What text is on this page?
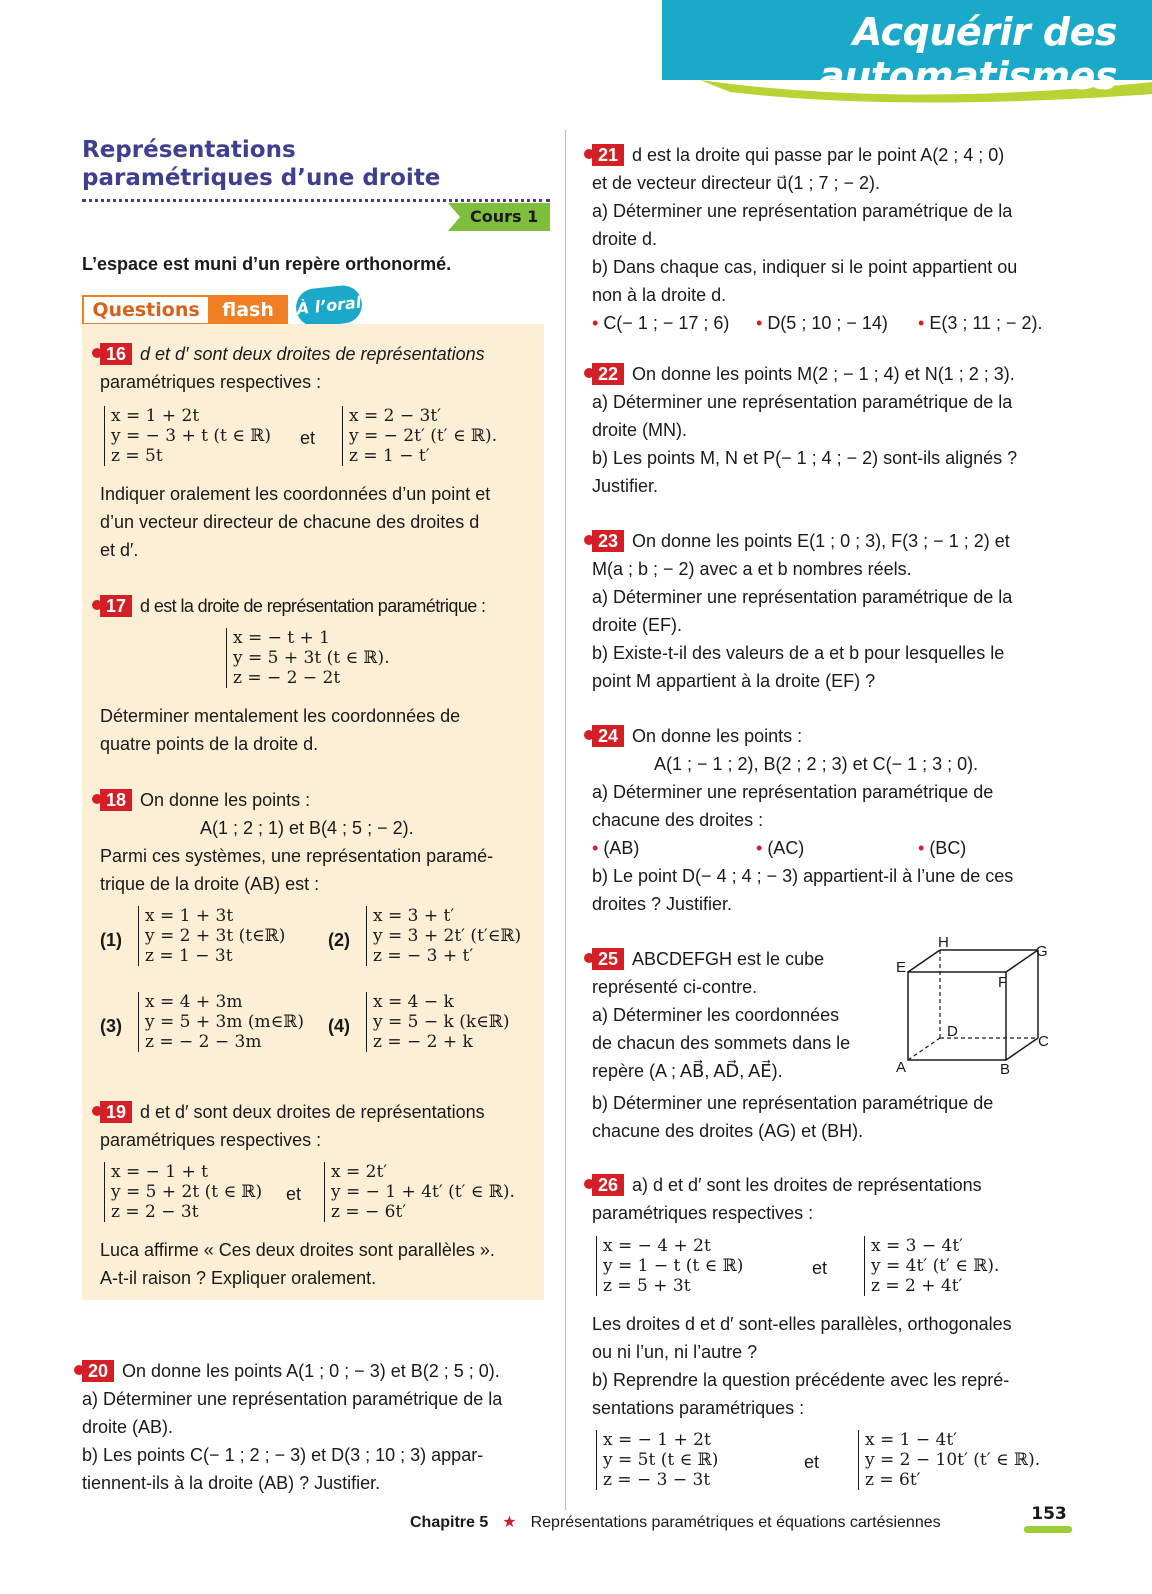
Acquérir des automatismes
Représentations
paramétriques d’une droite
Cours 1
L’espace est muni d’un repère orthonormé.
Questions	flash	À l’oral
16 d et d′ sont deux droites de représentations
paramétriques respectives :
x = 1 + 2t
y = − 3 + t (t ∈ ℝ)
z = 5t
et
x = 2 − 3t′
y = − 2t′ (t′ ∈ ℝ).
z = 1 − t′
Indiquer oralement les coordonnées d’un point et
d’un vecteur directeur de chacune des droites d
et d′.
17 d est la droite de représentation paramétrique :
x = − t + 1
y = 5 + 3t (t ∈ ℝ).
z = − 2 − 2t
Déterminer mentalement les coordonnées de
quatre points de la droite d.
18 On donne les points :
A(1 ; 2 ; 1) et B(4 ; 5 ; − 2).
Parmi ces systèmes, une représentation paramé-
trique de la droite (AB) est :
(1)
x = 1 + 3t
y = 2 + 3t (t∈ℝ)
z = 1 − 3t
(2)
x = 3 + t′
y = 3 + 2t′ (t′∈ℝ)
z = − 3 + t′
(3)
x = 4 + 3m
y = 5 + 3m (m∈ℝ)
z = − 2 − 3m
(4)
x = 4 − k
y = 5 − k (k∈ℝ)
z = − 2 + k
19 d et d′ sont deux droites de représentations
paramétriques respectives :
x = − 1 + t
y = 5 + 2t (t ∈ ℝ)
z = 2 − 3t
et
x = 2t′
y = − 1 + 4t′ (t′ ∈ ℝ).
z = − 6t′
Luca affirme « Ces deux droites sont parallèles ».
A-t-il raison ? Expliquer oralement.
20 On donne les points A(1 ; 0 ; − 3) et B(2 ; 5 ; 0).
a) Déterminer une représentation paramétrique de la
droite (AB).
b) Les points C(− 1 ; 2 ; − 3) et D(3 ; 10 ; 3) appar-
tiennent-ils à la droite (AB) ? Justifier.
21 d est la droite qui passe par le point A(2 ; 4 ; 0)
et de vecteur directeur u⃗(1 ; 7 ; − 2).
a) Déterminer une représentation paramétrique de la
droite d.
b) Dans chaque cas, indiquer si le point appartient ou
non à la droite d.
• C(− 1 ; − 17 ; 6) • D(5 ; 10 ; − 14) • E(3 ; 11 ; − 2).
22 On donne les points M(2 ; − 1 ; 4) et N(1 ; 2 ; 3).
a) Déterminer une représentation paramétrique de la
droite (MN).
b) Les points M, N et P(− 1 ; 4 ; − 2) sont-ils alignés ?
Justifier.
23 On donne les points E(1 ; 0 ; 3), F(3 ; − 1 ; 2) et
M(a ; b ; − 2) avec a et b nombres réels.
a) Déterminer une représentation paramétrique de la
droite (EF).
b) Existe-t-il des valeurs de a et b pour lesquelles le
point M appartient à la droite (EF) ?
24 On donne les points :
A(1 ; − 1 ; 2), B(2 ; 2 ; 3) et C(− 1 ; 3 ; 0).
a) Déterminer une représentation paramétrique de
chacune des droites :
• (AB)	• (AC)	• (BC)
b) Le point D(− 4 ; 4 ; − 3) appartient-il à l’une de ces
droites ? Justifier.
25 ABCDEFGH est le cube
représenté ci-contre.
a) Déterminer les coordonnées
de chacun des sommets dans le
repère (A ; AB⃗, AD⃗, AE⃗).
b) Déterminer une représentation paramétrique de
chacune des droites (AG) et (BH).
A	B
C
D
E
F
G
H
26 a) d et d′ sont les droites de représentations
paramétriques respectives :
x = − 4 + 2t
y = 1 − t (t ∈ ℝ)
z = 5 + 3t
et
x = 3 − 4t′
y = 4t′ (t′ ∈ ℝ).
z = 2 + 4t′
Les droites d et d′ sont-elles parallèles, orthogonales
ou ni l’un, ni l’autre ?
b) Reprendre la question précédente avec les repré-
sentations paramétriques :
x = − 1 + 2t
y = 5t (t ∈ ℝ)
z = − 3 − 3t
et
x = 1 − 4t′
y = 2 − 10t′ (t′ ∈ ℝ).
z = 6t′
Chapitre 5 ★ Représentations paramétriques et équations cartésiennes	153
